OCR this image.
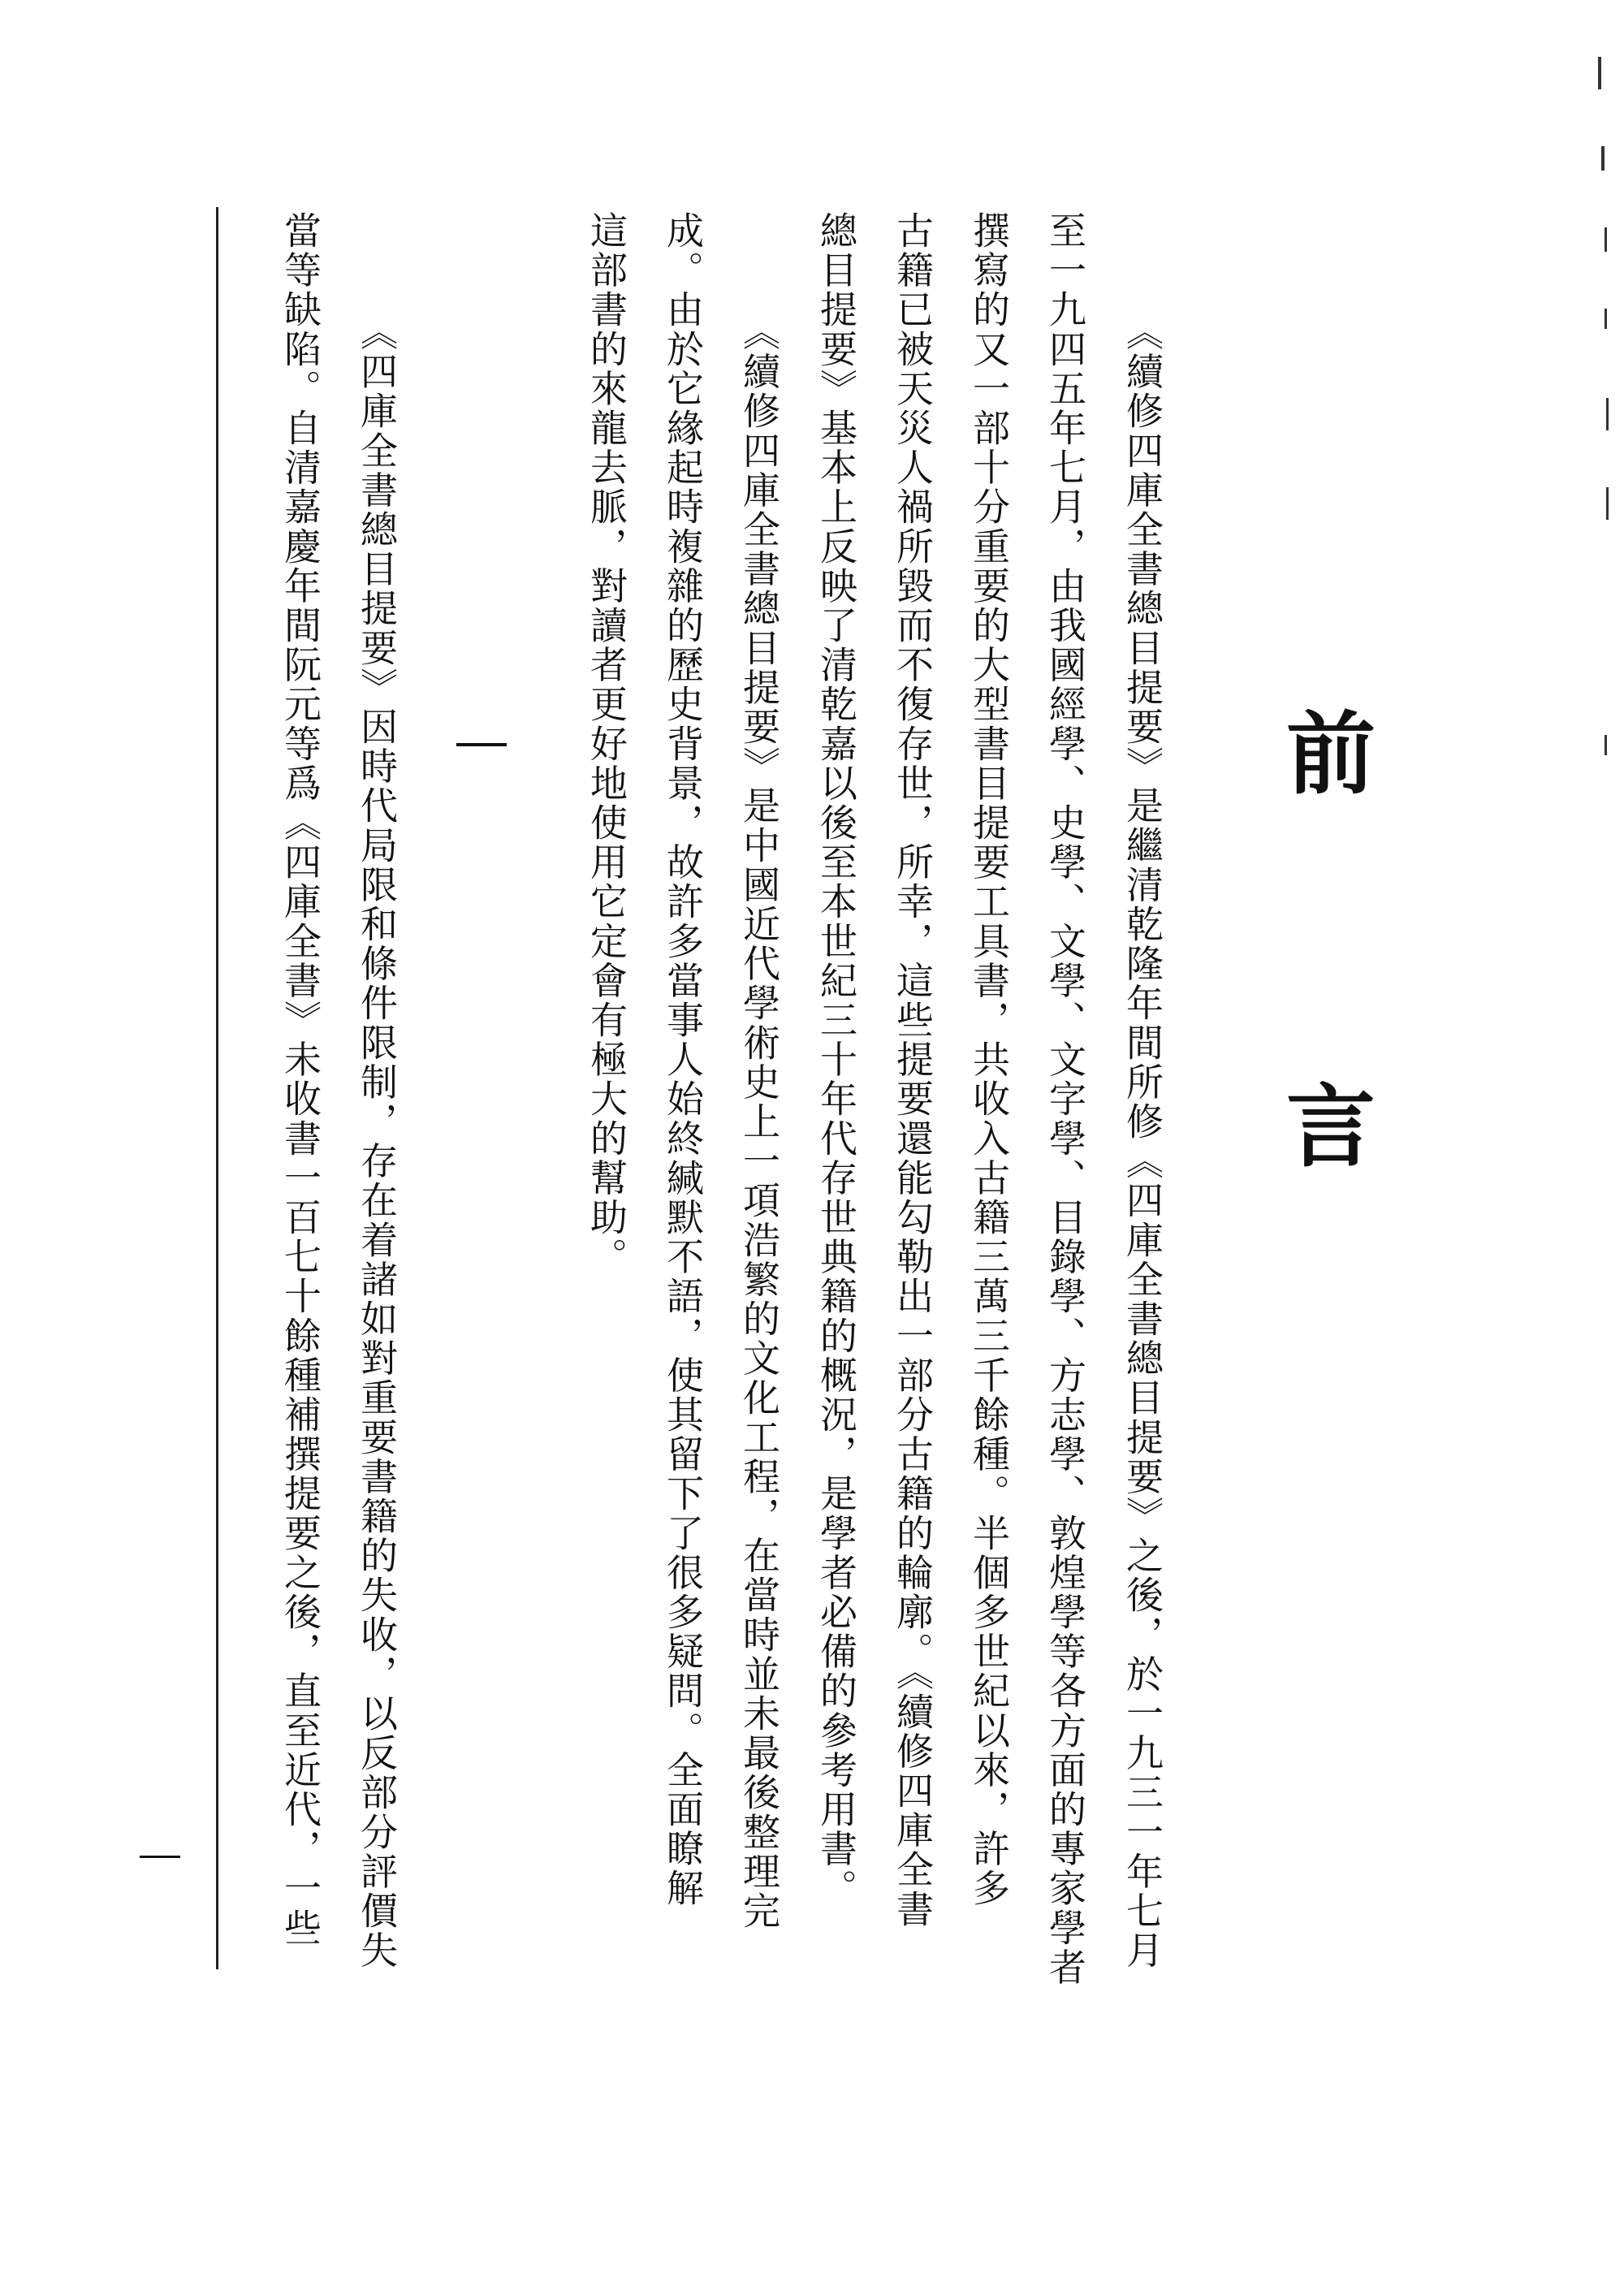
前 言
《續修四庫全書總目提要》是繼清乾隆年間所修《四庫全書總目提要》之後，於一九三一年七月
至一九四五年七月，由我國經學、史學、文學、文字學、目錄學、方志學、敦煌學等各方面的專家學者
撰寫的又一部十分重要的大型書目提要工具書，共收入古籍三萬三千餘種。半個多世紀以來，許多
古籍已被天災人禍所毀而不復存世，所幸，這些提要還能勾勒出一部分古籍的輪廓。《續修四庫全書
總目提要》基本上反映了清乾嘉以後至本世紀三十年代存世典籍的概況，是學者必備的參考用書。
《續修四庫全書總目提要》是中國近代學術史上一項浩繁的文化工程，在當時並未最後整理完
成。由於它緣起時複雜的歷史背景，故許多當事人始終緘默不語，使其留下了很多疑問。全面瞭解
這部書的來龍去脈，對讀者更好地使用它定會有極大的幫助。
《四庫全書總目提要》因時代局限和條件限制，存在着諸如對重要書籍的失收，以反部分評價失
當等缺陷。自清嘉慶年間阮元等爲《四庫全書》未收書一百七十餘種補撰提要之後，直至近代，一些
